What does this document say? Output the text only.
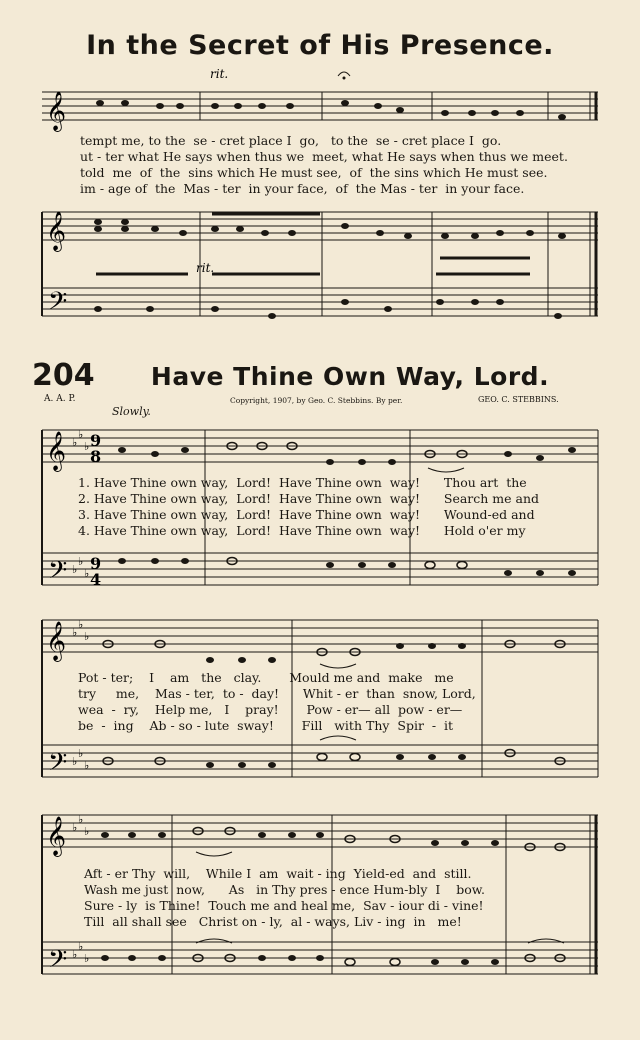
In the Secret of His Presence.
𝄞
rit.
𝄞
𝄢
rit.
tempt me, to the  se - cret place I  go,   to the  se - cret place I  go.
ut - ter what He says when thus we  meet, what He says when thus we meet.
told  me  of  the  sins which He must see,  of  the sins which He must see.
im - age of  the  Mas - ter  in your face,  of  the Mas - ter  in your face.
204	Have Thine Own Way, Lord.
A. A. P.	Copyright, 1907, by Geo. C. Stebbins. By per.	GEO. C. STEBBINS.
Slowly.
𝄞
𝄢
♭
♭
♭ 9
8
♭
♭
♭
9
4
𝄞
𝄢
♭
♭
♭
♭
♭
♭
𝄞
𝄢
♭
♭
♭
♭
♭
♭
1. Have Thine own way,  Lord!  Have Thine own  way!      Thou art  the
2. Have Thine own way,  Lord!  Have Thine own  way!      Search me and
3. Have Thine own way,  Lord!  Have Thine own  way!      Wound-ed and
4. Have Thine own way,  Lord!  Have Thine own  way!      Hold o'er my
Pot - ter;    I    am   the   clay.       Mould me and  make   me
try     me,    Mas - ter,  to -  day!      Whit - er  than  snow, Lord,
wea  -  ry,    Help me,   I    pray!       Pow - er— all  pow - er—
be  -  ing    Ab - so - lute  sway!       Fill   with Thy  Spir  -  it
Aft - er Thy  will,    While I  am  wait - ing  Yield-ed  and  still.
Wash me just  now,      As   in Thy pres - ence Hum-bly  I    bow.
Sure - ly  is Thine!  Touch me and heal me,  Sav - iour di - vine!
Till  all shall see   Christ on - ly,  al - ways, Liv - ing  in   me!
